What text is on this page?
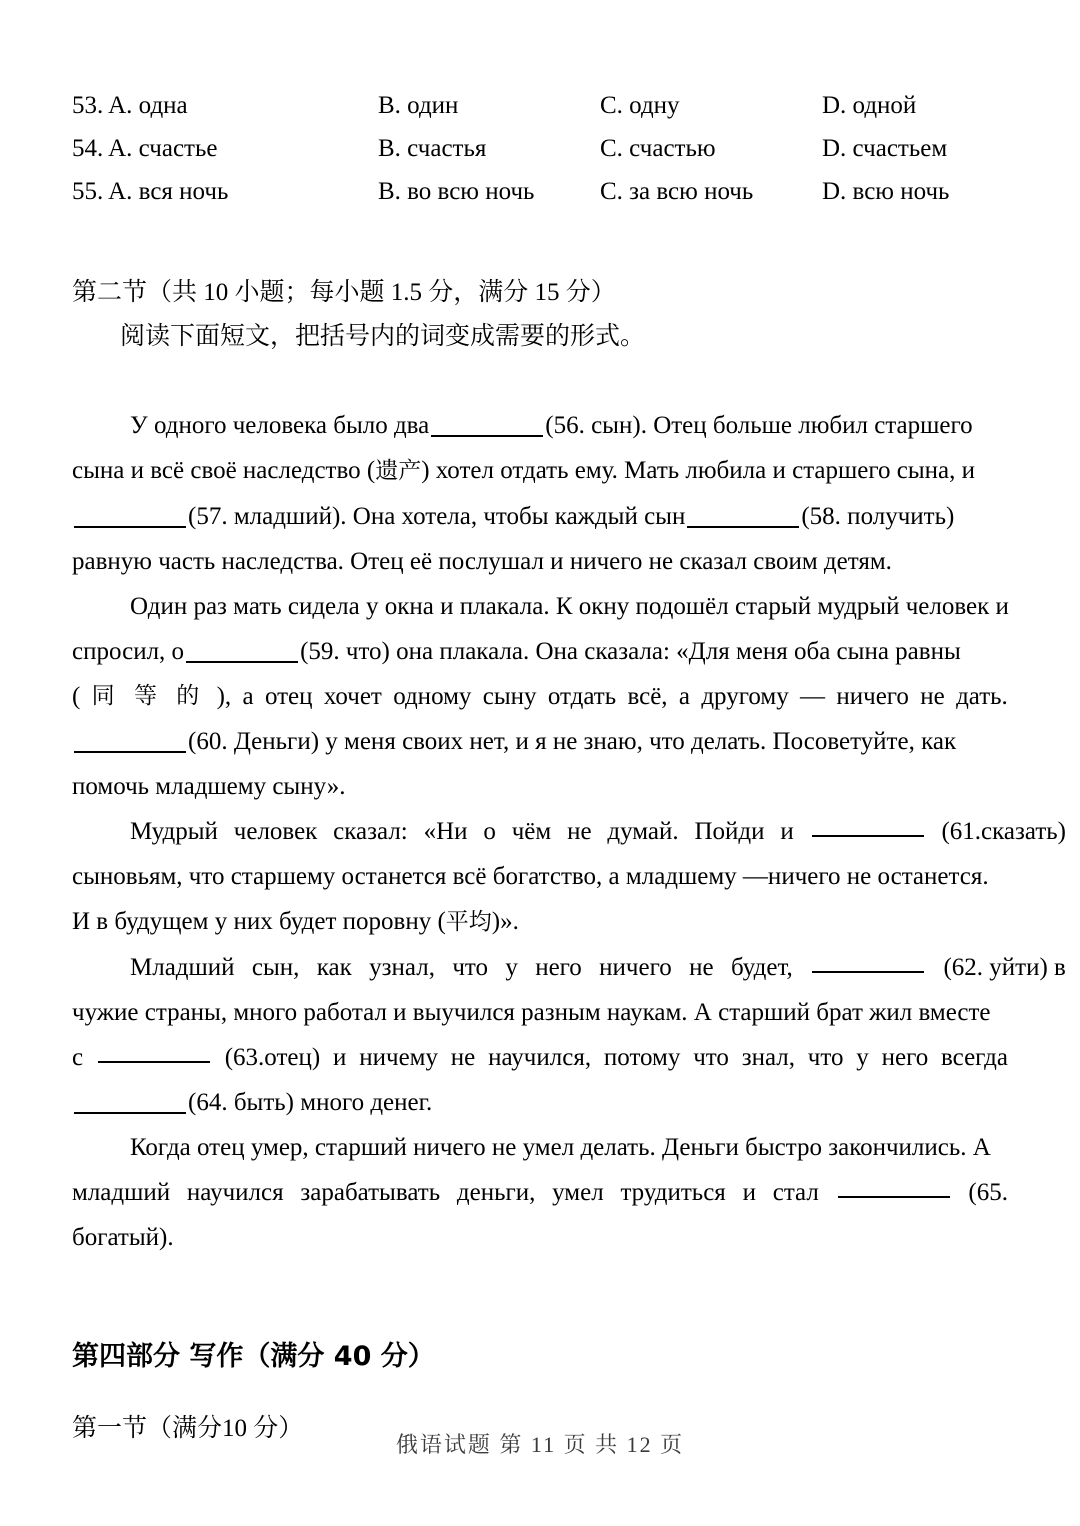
53. A. одна	B. один	C. одну	D. одной
54. A. счастье	B. счастья	C. счастью	D. счастьем
55. A. вся ночь	B. во всю ночь	C. за всю ночь	D. всю ночь
第二节（共 10 小题；每小题 1.5 分，满分 15 分）
阅读下面短文，把括号内的词变成需要的形式。
У одного человека было два	(56. сын). Отец больше любил старшего
сына и всё своё наследство (遗产) хотел отдать ему. Мать любила и старшего сына, и
(57. младший). Она хотела, чтобы каждый сын	(58. получить)
равную часть наследства. Отец её послушал и ничего не сказал своим детям.
Один раз мать сидела у окна и плакала. К окну подошёл старый мудрый человек и
спросил, о	(59. что) она плакала. Она сказала: «Для меня оба сына равны
( 同 等 的 ), а отец хочет одному сыну отдать всё, а другому — ничего не дать.
(60. Деньги) у меня своих нет, и я не знаю, что делать. Посоветуйте, как
помочь младшему сыну».
Мудрый человек сказал: «Ни о чём не думай. Пойди и	(61.сказать)
сыновьям, что старшему останется всё богатство, а младшему —ничего не останется.
И в будущем у них будет поровну (平均)».
Младший сын, как узнал, что у него ничего не будет,	(62. уйти) в
чужие страны, много работал и выучился разным наукам. А старший брат жил вместе
с	(63.отец) и ничему не научился, потому что знал, что у него всегда
(64. быть) много денег.
Когда отец умер, старший ничего не умел делать. Деньги быстро закончились. А
младший научился зарабатывать деньги, умел трудиться и стал	(65.
богатый).
第四部分 写作（满分 40 分）
第一节（满分10 分）
俄语试题 第 11 页 共 12 页
